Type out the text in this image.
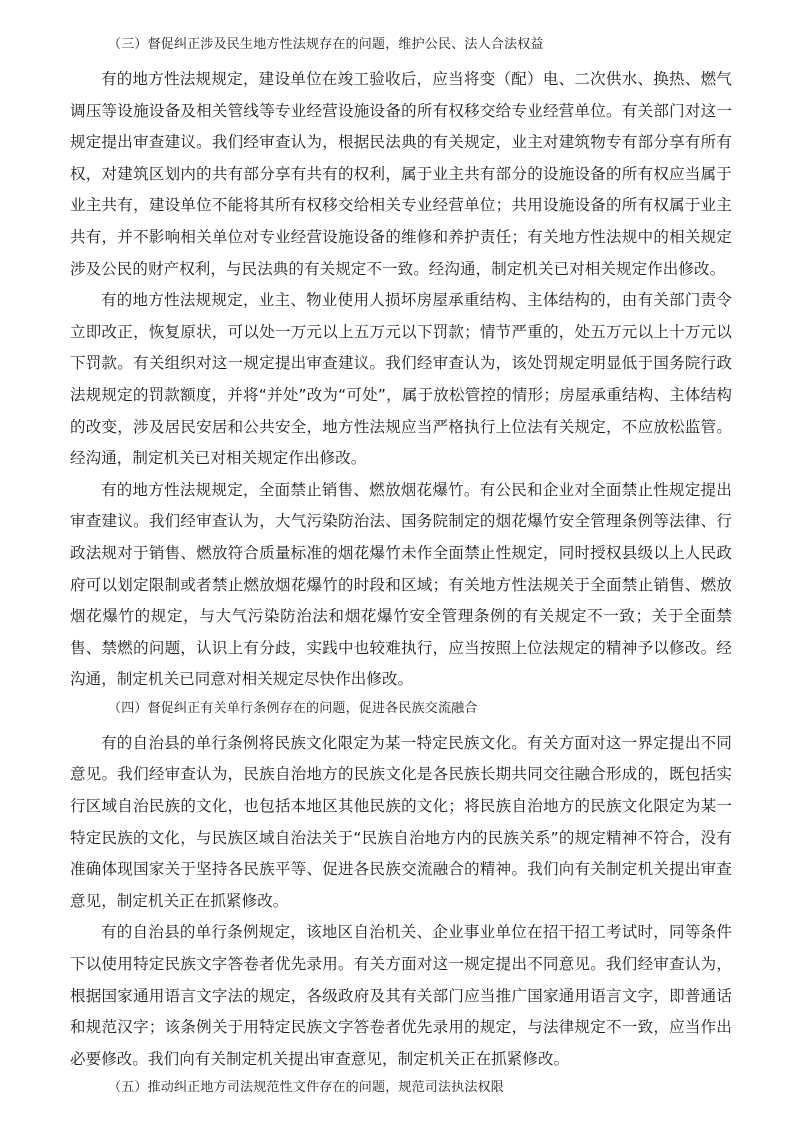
（三）督促纠正涉及民生地方性法规存在的问题，维护公民、法人合法权益

有的地方性法规规定，建设单位在竣工验收后，应当将变（配）电、二次供水、换热、燃气调压等设施设备及相关管线等专业经营设施设备的所有权移交给专业经营单位。有关部门对这一规定提出审查建议。我们经审查认为，根据民法典的有关规定，业主对建筑物专有部分享有所有权，对建筑区划内的共有部分享有共有的权利，属于业主共有部分的设施设备的所有权应当属于业主共有，建设单位不能将其所有权移交给相关专业经营单位；共用设施设备的所有权属于业主共有，并不影响相关单位对专业经营设施设备的维修和养护责任；有关地方性法规中的相关规定涉及公民的财产权利，与民法典的有关规定不一致。经沟通，制定机关已对相关规定作出修改。

有的地方性法规规定，业主、物业使用人损坏房屋承重结构、主体结构的，由有关部门责令立即改正，恢复原状，可以处一万元以上五万元以下罚款；情节严重的，处五万元以上十万元以下罚款。有关组织对这一规定提出审查建议。我们经审查认为，该处罚规定明显低于国务院行政法规规定的罚款额度，并将“并处”改为“可处”，属于放松管控的情形；房屋承重结构、主体结构的改变，涉及居民安居和公共安全，地方性法规应当严格执行上位法有关规定，不应放松监管。经沟通，制定机关已对相关规定作出修改。

有的地方性法规规定，全面禁止销售、燃放烟花爆竹。有公民和企业对全面禁止性规定提出审查建议。我们经审查认为，大气污染防治法、国务院制定的烟花爆竹安全管理条例等法律、行政法规对于销售、燃放符合质量标准的烟花爆竹未作全面禁止性规定，同时授权县级以上人民政府可以划定限制或者禁止燃放烟花爆竹的时段和区域；有关地方性法规关于全面禁止销售、燃放烟花爆竹的规定，与大气污染防治法和烟花爆竹安全管理条例的有关规定不一致；关于全面禁售、禁燃的问题，认识上有分歧，实践中也较难执行，应当按照上位法规定的精神予以修改。经沟通，制定机关已同意对相关规定尽快作出修改。

（四）督促纠正有关单行条例存在的问题，促进各民族交流融合

有的自治县的单行条例将民族文化限定为某一特定民族文化。有关方面对这一界定提出不同意见。我们经审查认为，民族自治地方的民族文化是各民族长期共同交往融合形成的，既包括实行区域自治民族的文化，也包括本地区其他民族的文化；将民族自治地方的民族文化限定为某一特定民族的文化，与民族区域自治法关于“民族自治地方内的民族关系”的规定精神不符合，没有准确体现国家关于坚持各民族平等、促进各民族交流融合的精神。我们向有关制定机关提出审查意见，制定机关正在抓紧修改。

有的自治县的单行条例规定，该地区自治机关、企业事业单位在招干招工考试时，同等条件下以使用特定民族文字答卷者优先录用。有关方面对这一规定提出不同意见。我们经审查认为，根据国家通用语言文字法的规定，各级政府及其有关部门应当推广国家通用语言文字，即普通话和规范汉字；该条例关于用特定民族文字答卷者优先录用的规定，与法律规定不一致，应当作出必要修改。我们向有关制定机关提出审查意见，制定机关正在抓紧修改。

（五）推动纠正地方司法规范性文件存在的问题，规范司法执法权限
